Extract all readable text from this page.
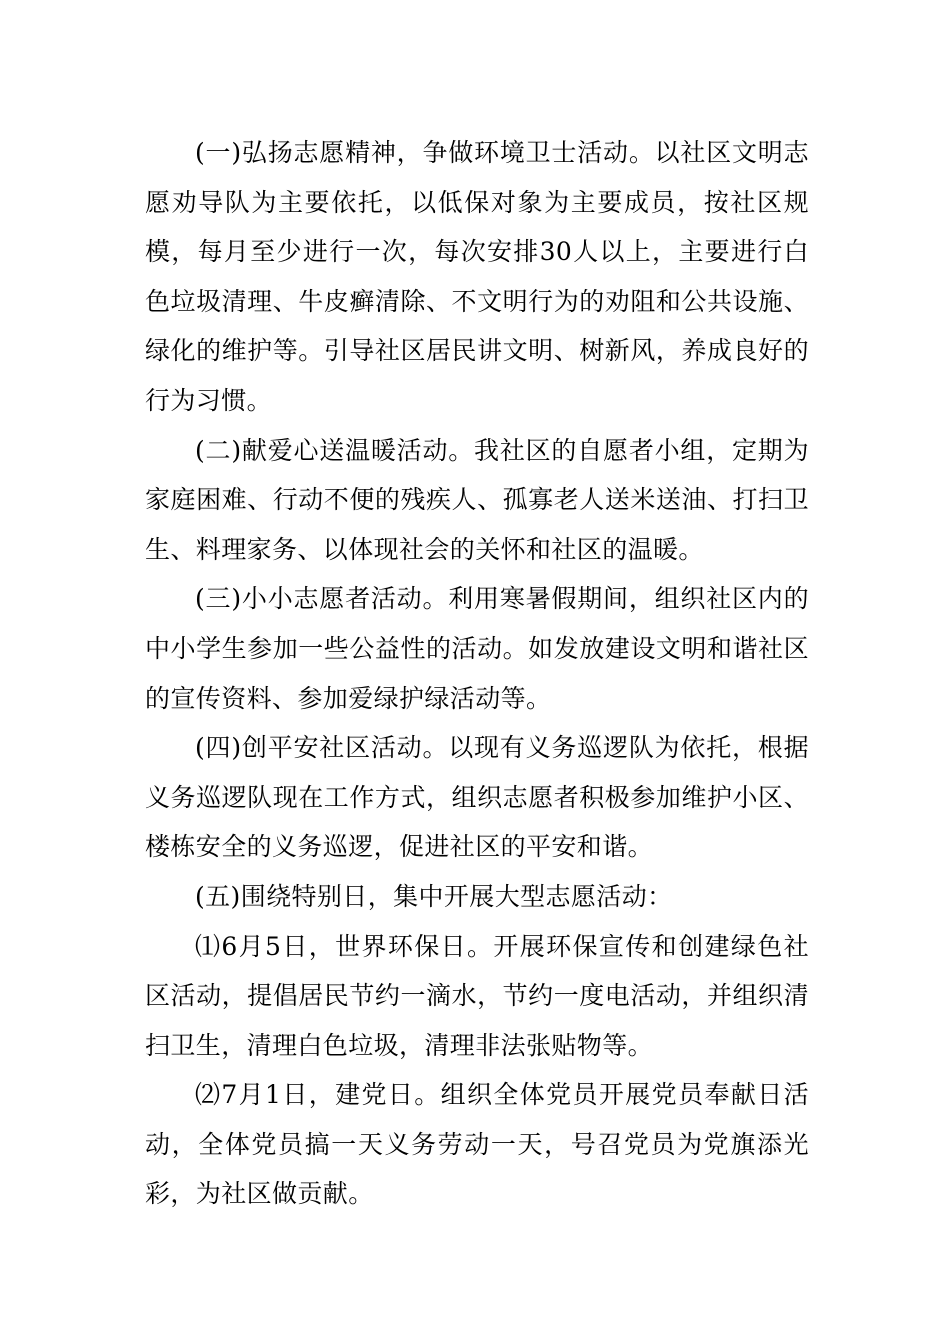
(一)弘扬志愿精神，争做环境卫士活动。以社区文明志愿劝导队为主要依托，以低保对象为主要成员，按社区规模，每月至少进行一次，每次安排30人以上，主要进行白色垃圾清理、牛皮癣清除、不文明行为的劝阻和公共设施、绿化的维护等。引导社区居民讲文明、树新风，养成良好的行为习惯。

(二)献爱心送温暖活动。我社区的自愿者小组，定期为家庭困难、行动不便的残疾人、孤寡老人送米送油、打扫卫生、料理家务、以体现社会的关怀和社区的温暖。

(三)小小志愿者活动。利用寒暑假期间，组织社区内的中小学生参加一些公益性的活动。如发放建设文明和谐社区的宣传资料、参加爱绿护绿活动等。

(四)创平安社区活动。以现有义务巡逻队为依托，根据义务巡逻队现在工作方式，组织志愿者积极参加维护小区、楼栋安全的义务巡逻，促进社区的平安和谐。

(五)围绕特别日，集中开展大型志愿活动：

⑴6月5日，世界环保日。开展环保宣传和创建绿色社区活动，提倡居民节约一滴水，节约一度电活动，并组织清扫卫生，清理白色垃圾，清理非法张贴物等。

⑵7月1日，建党日。组织全体党员开展党员奉献日活动，全体党员搞一天义务劳动一天，号召党员为党旗添光彩，为社区做贡献。
